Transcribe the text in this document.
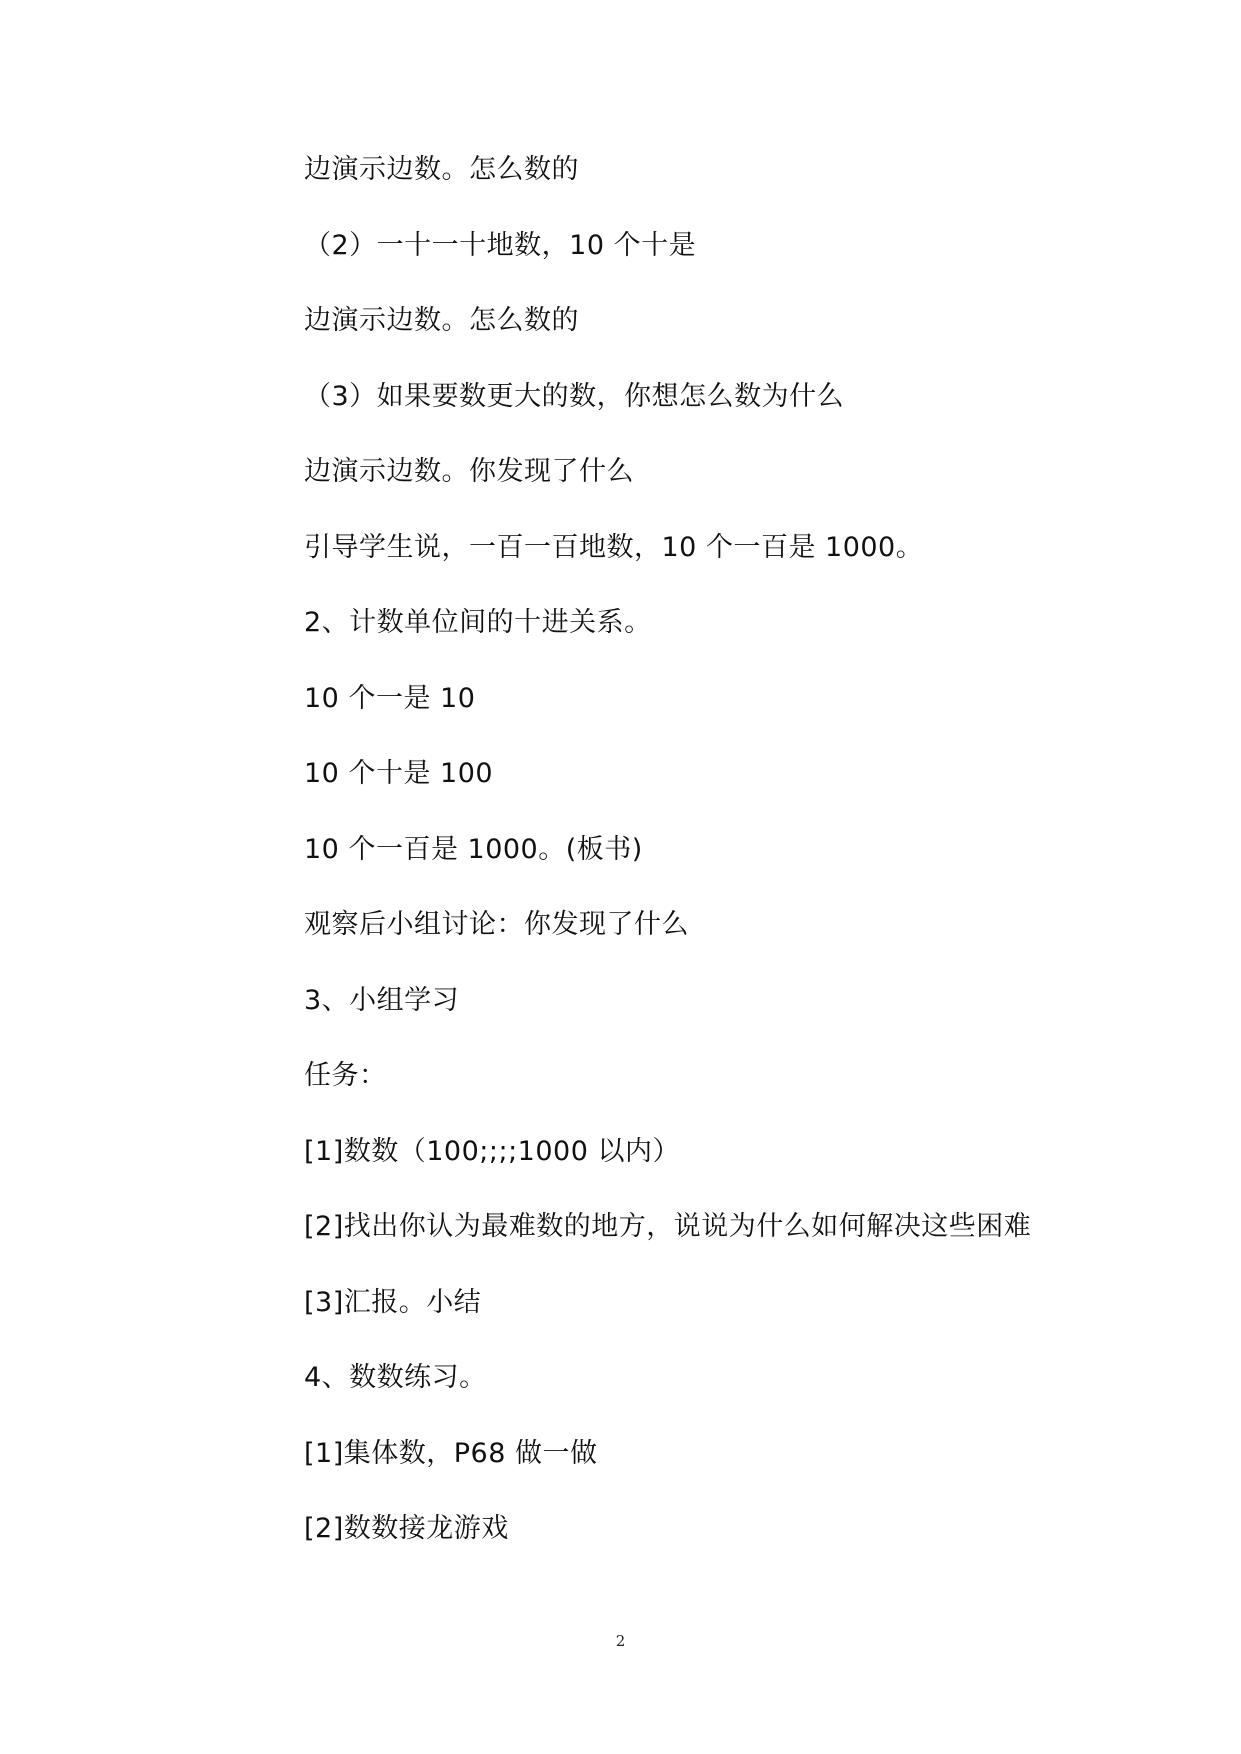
边演示边数。怎么数的
（2）一十一十地数，10 个十是
边演示边数。怎么数的
（3）如果要数更大的数，你想怎么数为什么
边演示边数。你发现了什么
引导学生说，一百一百地数，10 个一百是 1000。
2、计数单位间的十进关系。
10 个一是 10
10 个十是 100
10 个一百是 1000。(板书)
观察后小组讨论：你发现了什么
3、小组学习
任务：
[1]数数（100;;;;1000 以内）
[2]找出你认为最难数的地方，说说为什么如何解决这些困难
[3]汇报。小结
4、数数练习。
[1]集体数，P68 做一做
[2]数数接龙游戏
2
